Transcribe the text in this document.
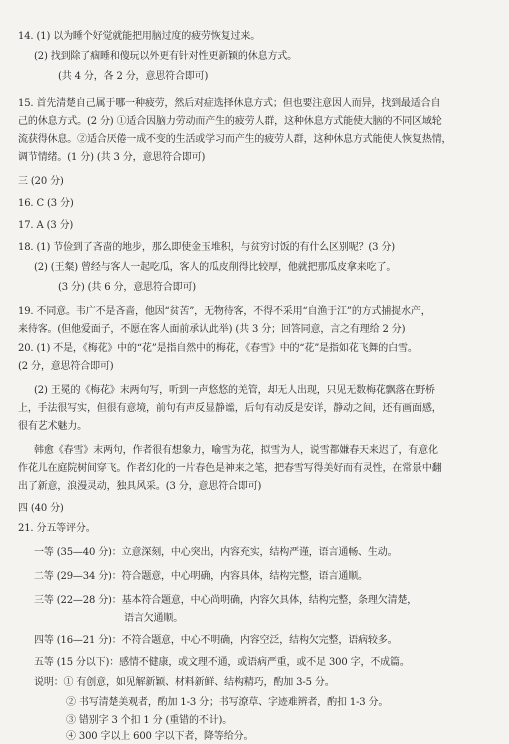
14. (1) 以为睡个好觉就能把用脑过度的疲劳恢复过来。
(2) 找到除了痼睡和傻玩以外更有针对性更新颖的休息方式。
(共 4 分，各 2 分，意思符合即可)
15. 首先清楚自己属于哪一种疲劳，然后对症选择休息方式；但也要注意因人而异，找到最适合自
己的休息方式。(2 分) ①适合因脑力劳动而产生的疲劳人群，这种休息方式能使大脑的不同区域轮
流获得休息。②适合厌倦一成不变的生活或学习而产生的疲劳人群，这种休息方式能使人恢复热情，
调节情绪。(1 分) (共 3 分，意思符合即可)
三 (20 分)
16. C (3 分)
17. A (3 分)
18. (1) 节俭到了吝啬的地步，那么即使金玉堆积，与贫穷讨饭的有什么区别呢？(3 分)
(2) (王粲) 曾经与客人一起吃瓜，客人的瓜皮削得比较厚，他就把那瓜皮拿来吃了。
(3 分) (共 6 分，意思符合即可)
19. 不同意。韦广不是吝啬，他因“贫苦”，无物待客，不得不采用“自渔于江”的方式捕捉水产，
来待客。(但他爱面子，不愿在客人面前承认此举) (共 3 分；回答同意，言之有理给 2 分)
20. (1) 不是，《梅花》中的“花”是指自然中的梅花，《春雪》中的“花”是指如花飞舞的白雪。
(2 分，意思符合即可)
(2) 王冕的《梅花》末两句写，听到一声悠悠的羌管，却无人出现，只见无数梅花飘落在野桥
上，手法很写实，但很有意境，前句有声反显静谧，后句有动反是安详，静动之间，还有画面感，
很有艺术魅力。
韩愈《春雪》末两句，作者很有想象力，喻雪为花，拟雪为人，说雪都嫌春天来迟了，有意化
作花儿在庭院树间穿飞。作者幻化的一片春色是神来之笔，把春雪写得美好而有灵性，在常景中翻
出了新意，浪漫灵动，独具风采。(3 分，意思符合即可)
四 (40 分)
21. 分五等评分。
一等 (35—40 分)：立意深刻，中心突出，内容充实，结构严谨，语言通畅、生动。
二等 (29—34 分)：符合题意，中心明确，内容具体，结构完整，语言通顺。
三等 (22—28 分)：基本符合题意，中心尚明确，内容欠具体，结构完整，条理欠清楚，
语言欠通顺。
四等 (16—21 分)：不符合题意，中心不明确，内容空泛，结构欠完整，语病较多。
五等 (15 分以下)：感情不健康，或文理不通，或语病严重，或不足 300 字，不成篇。
说明：① 有创意，如见解新颖、材料新鲜、结构精巧，酌加 3-5 分。
② 书写清楚美观者，酌加 1-3 分；书写潦草、字迹难辨者，酌扣 1-3 分。
③ 错别字 3 个扣 1 分 (重错的不计)。
④ 300 字以上 600 字以下者，降等给分。
